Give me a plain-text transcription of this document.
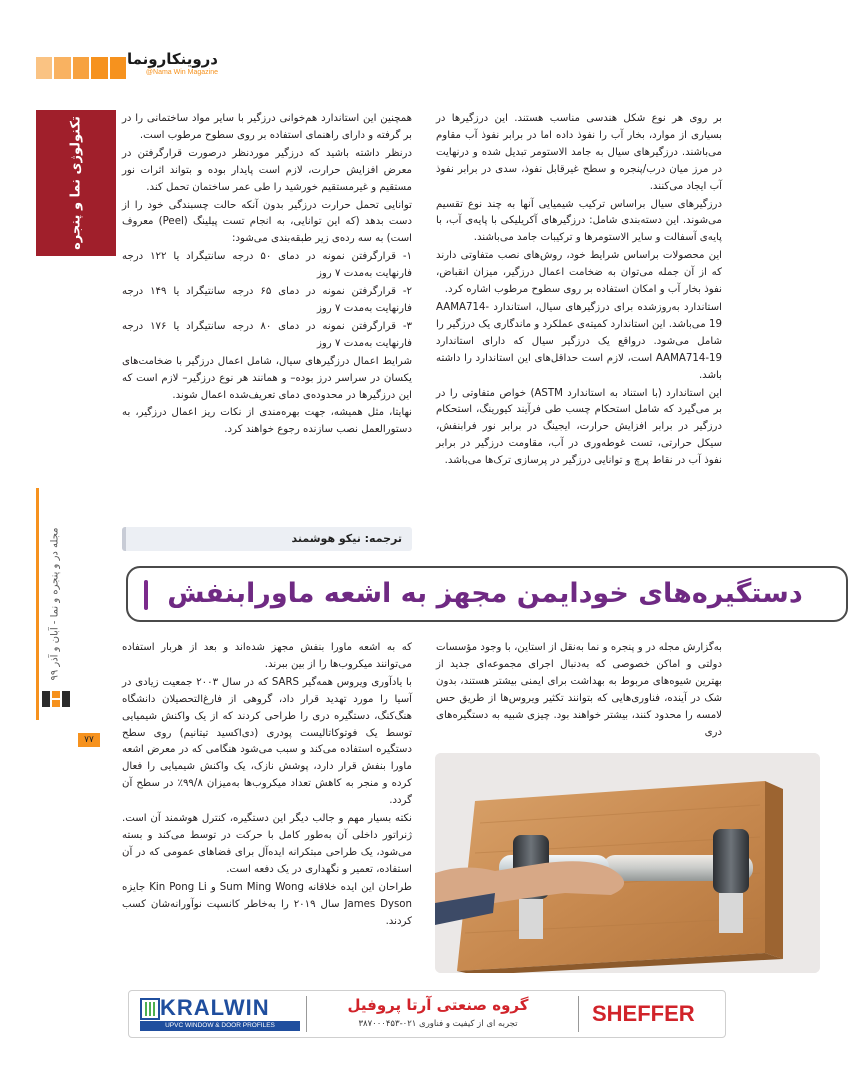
دروینکارونما
@Nama Win Magazine
تکنولوژی نما و پنجره
مجله در و پنجره و نما - آبان و آذر ۹۹
۷۷

بر روی هر نوع شکل هندسی مناسب هستند. این درزگیرها در بسیاری از موارد، بخار آب را نفوذ داده اما در برابر نفوذ آب مقاوم می‌باشند. درزگیرهای سیال به جامد الاستومر تبدیل شده و درنهایت در مرز میان درب/پنجره و سطح غیرقابل نفوذ، سدی در برابر نفوذ آب ایجاد می‌کنند.

درزگیرهای سیال براساس ترکیب شیمیایی آنها به چند نوع تقسیم می‌شوند. این دسته‌بندی شامل: درزگیرهای آکریلیکی با پایه‌ی آب، با پایه‌ی آسفالت و سایر الاستومرها و ترکیبات جامد می‌باشند.

این محصولات براساس شرایط خود، روش‌های نصب متفاوتی دارند که از آن جمله می‌توان به ضخامت اعمال درزگیر، میزان انقباض، نفوذ بخار آب و امکان استفاده بر روی سطوح مرطوب اشاره کرد.

استاندارد به‌روزشده برای درزگیرهای سیال، استاندارد AAMA714-19 می‌باشد. این استاندارد کمیته‌ی عملکرد و ماندگاری یک درزگیر را شامل می‌شود. درواقع یک درزگیر سیال که دارای استاندارد AAMA714-19 است، لازم است حداقل‌های این استاندارد را داشته باشد.

این استاندارد (با استناد به استاندارد ASTM) خواص متفاوتی را در بر می‌گیرد که شامل استحکام چسب طی فرآیند کیورینگ، استحکام درزگیر در برابر افزایش حرارت، ایجینگ در برابر نور فرابنفش، سیکل حرارتی، تست غوطه‌وری در آب، مقاومت درزگیر در برابر نفوذ آب در نقاط پرچ و توانایی درزگیر در پرسازی ترک‌ها می‌باشد.

همچنین این استاندارد هم‌خوانی درزگیر با سایر مواد ساختمانی را در بر گرفته و دارای راهنمای استفاده بر روی سطوح مرطوب است.

درنظر داشته باشید که درزگیر موردنظر درصورت قرارگرفتن در معرض افزایش حرارت، لازم است پایدار بوده و بتواند اثرات نور مستقیم و غیرمستقیم خورشید را طی عمر ساختمان تحمل کند.

توانایی تحمل حرارت درزگیر بدون آنکه حالت چسبندگی خود را از دست بدهد (که این توانایی، به انجام تست پیلینگ (Peel) معروف است) به سه رده‌ی زیر طبقه‌بندی می‌شود:

۱- قرارگرفتن نمونه در دمای ۵۰ درجه سانتیگراد یا ۱۲۲ درجه فارنهایت به‌مدت ۷ روز

۲- قرارگرفتن نمونه در دمای ۶۵ درجه سانتیگراد یا ۱۴۹ درجه فارنهایت به‌مدت ۷ روز

۳- قرارگرفتن نمونه در دمای ۸۰ درجه سانتیگراد یا ۱۷۶ درجه فارنهایت به‌مدت ۷ روز

شرایط اعمال درزگیرهای سیال، شامل اعمال درزگیر با ضخامت‌های یکسان در سراسر درز بوده– و همانند هر نوع درزگیر– لازم است که این درزگیرها در محدوده‌ی دمای تعریف‌شده اعمال شوند.

نهایتا، مثل همیشه، جهت بهره‌مندی از نکات ریز اعمال درزگیر، به دستورالعمل نصب سازنده رجوع خواهند کرد.

ترجمه: نیکو هوشمند
دستگیره‌های خودایمن مجهز به اشعه ماورابنفش

به‌گزارش مجله در و پنجره و نما به‌نقل از استاین، با وجود مؤسسات دولتی و اماکن خصوصی که به‌دنبال اجرای مجموعه‌ای جدید از بهترین شیوه‌های مربوط به بهداشت برای ایمنی بیشتر هستند، بدون شک در آینده، فناوری‌هایی که بتوانند تکثیر ویروس‌ها از طریق حس لامسه را محدود کنند، بیشتر خواهند بود. چیزی شبیه به دستگیره‌های دری

که به اشعه ماورا بنفش مجهز شده‌اند و بعد از هربار استفاده می‌توانند میکروب‌ها را از بین ببرند.

با یادآوری ویروس همه‌گیر SARS که در سال ۲۰۰۳ جمعیت زیادی در آسیا را مورد تهدید قرار داد، گروهی از فارغ‌التحصیلان دانشگاه هنگ‌کنگ، دستگیره دری را طراحی کردند که از یک واکنش شیمیایی توسط یک فوتوکاتالیست پودری (دی‌اکسید تیتانیم) روی سطح دستگیره استفاده می‌کند و سبب می‌شود هنگامی که در معرض اشعه ماورا بنفش قرار دارد، پوشش نازک، یک واکنش شیمیایی را فعال کرده و منجر به کاهش تعداد میکروب‌ها به‌میزان ۹۹/۸٪ در سطح آن گردد.

نکته بسیار مهم و جالب دیگر این دستگیره، کنترل هوشمند آن است. ژنراتور داخلی آن به‌طور کامل با حرکت در توسط می‌کند و بسته می‌شود، یک طراحی مبتکرانه ایده‌آل برای فضاهای عمومی که در آن استفاده، تعمیر و نگهداری در یک دفعه است.

طراحان این ایده خلاقانه Sum Ming Wong و Kin Pong Li جایزه James Dyson سال ۲۰۱۹ را به‌خاطر کانسپت نوآورانه‌شان کسب کردند.

SHEFFER
گروه صنعتی آرتا پروفیل
تجربه ای از کیفیت و فناوری ۰۲۱-۳۸۷۰۰۰۴۵۳
KRALWIN
UPVC WINDOW & DOOR PROFILES
